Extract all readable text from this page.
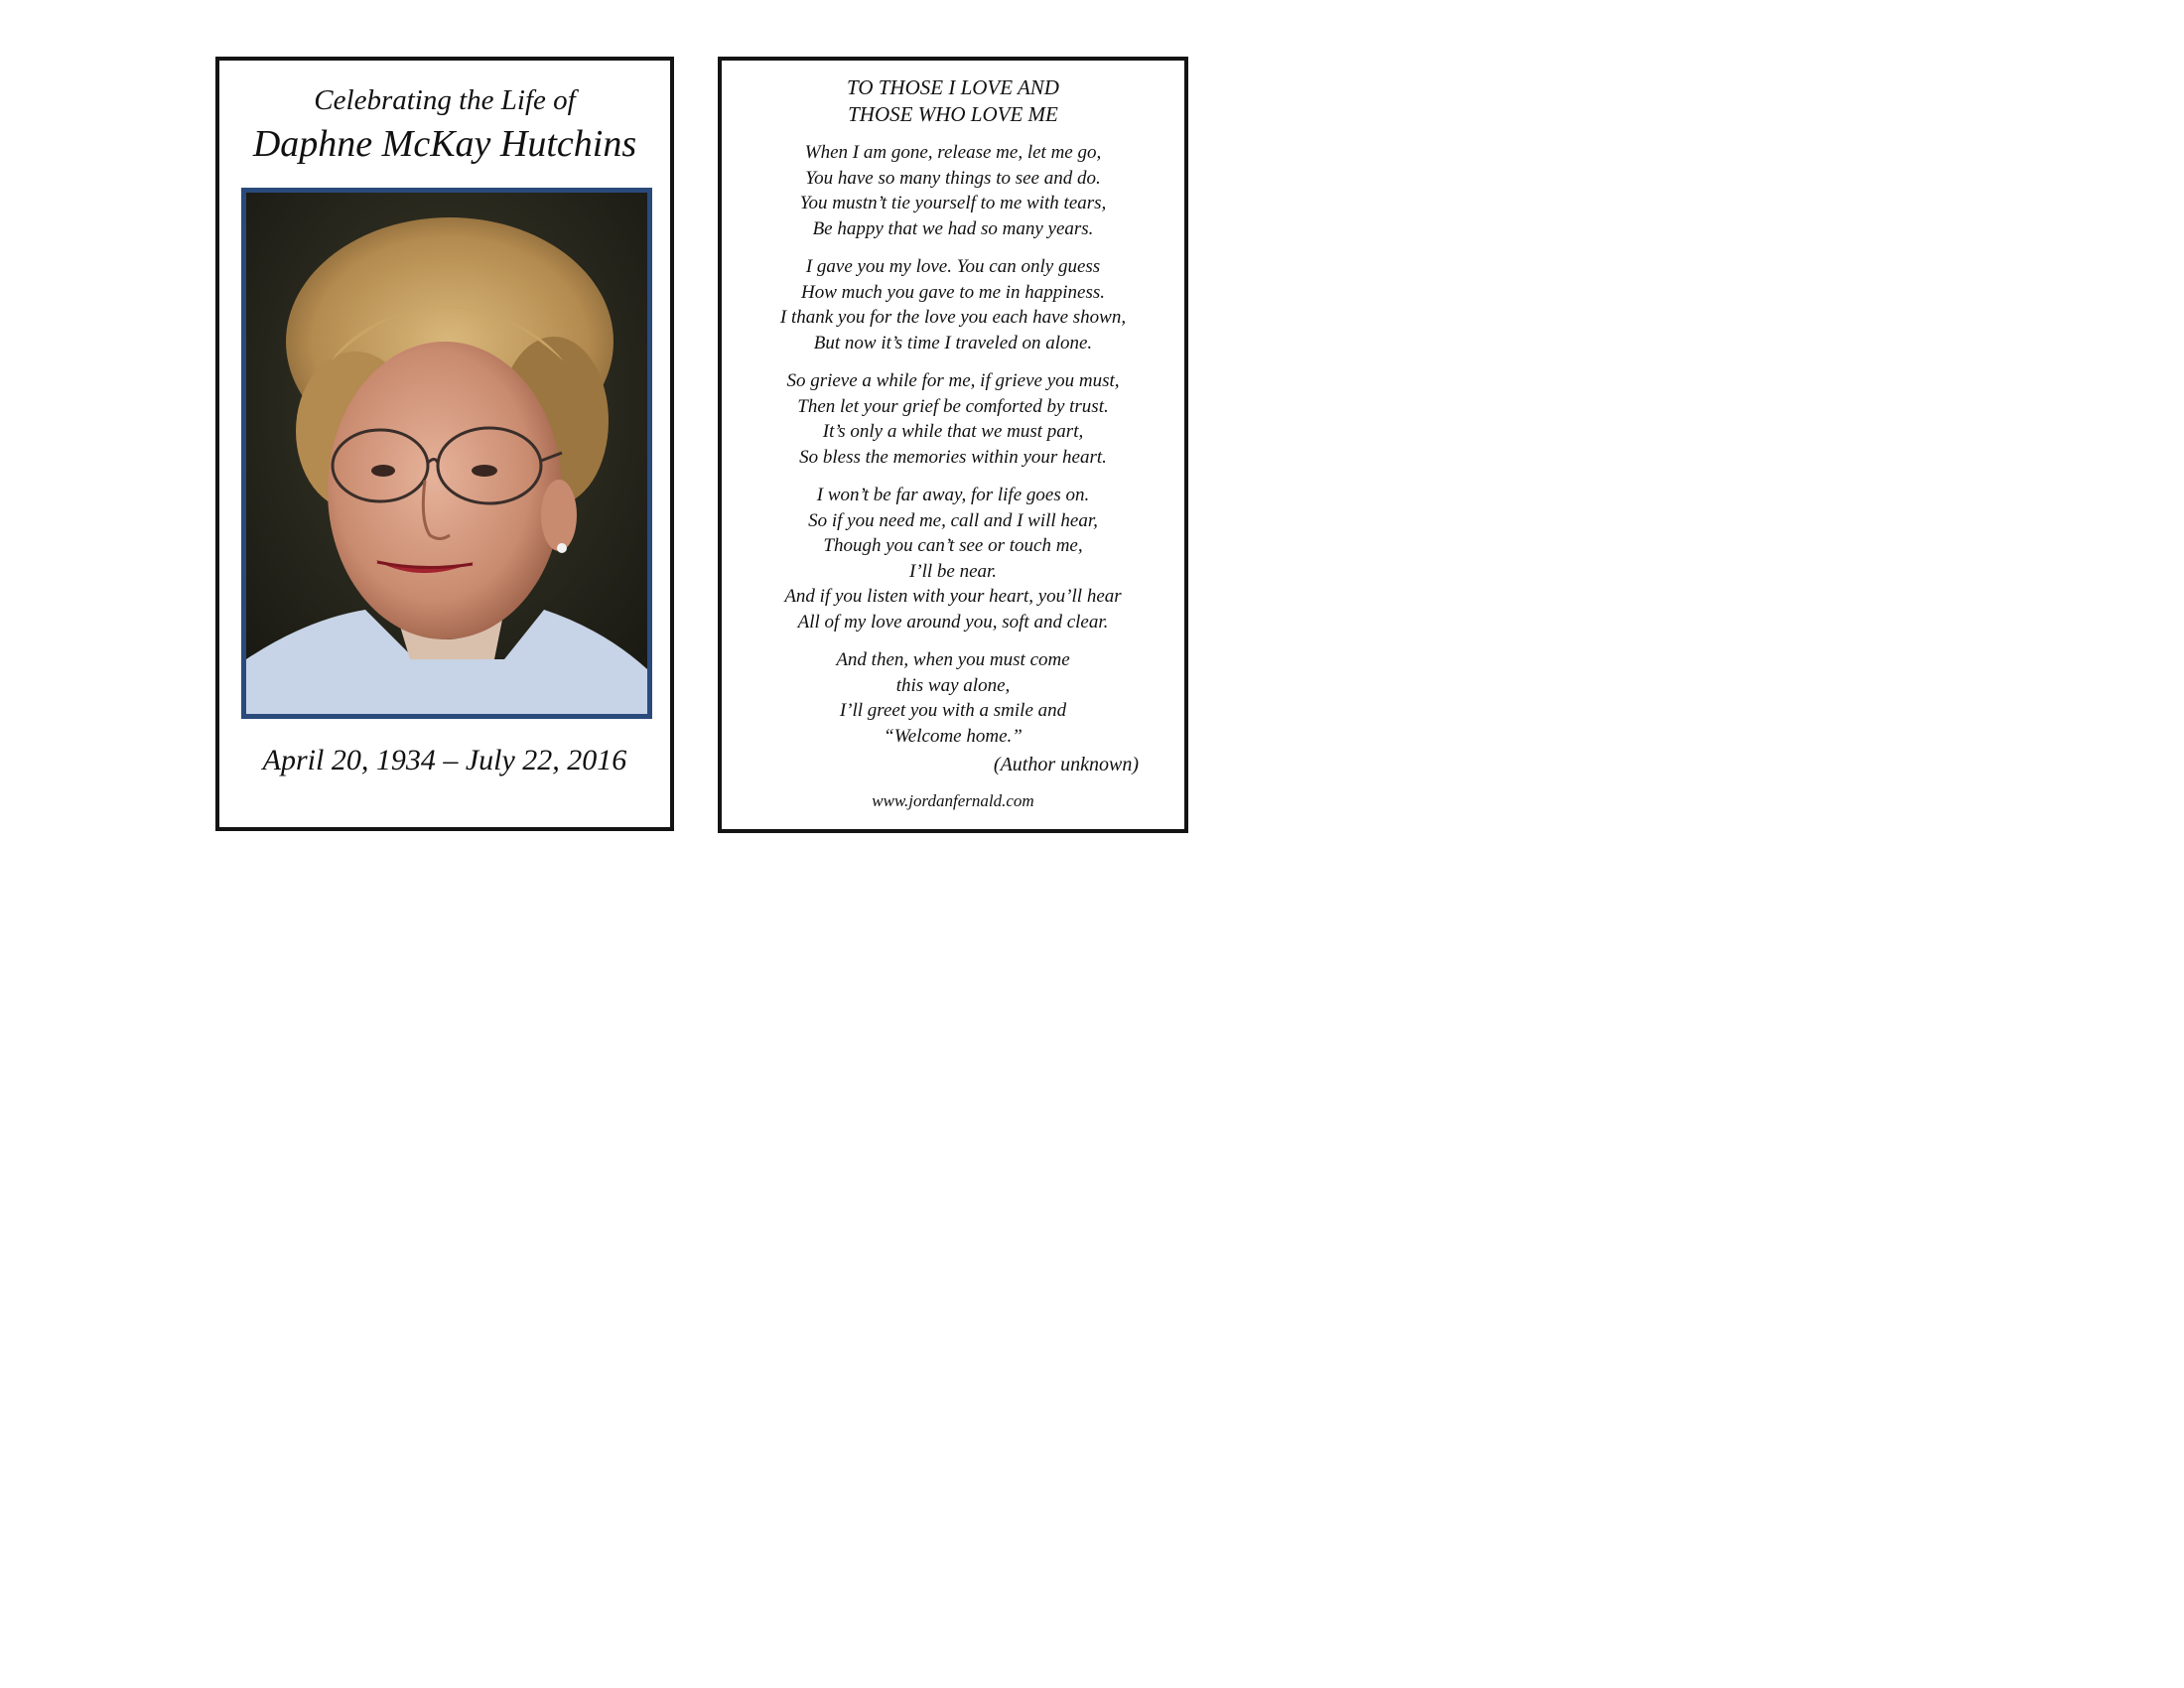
Celebrating the Life of
Daphne McKay Hutchins
April 20, 1934 – July 22, 2016
TO THOSE I LOVE AND
THOSE WHO LOVE ME
When I am gone, release me, let me go,
You have so many things to see and do.
You mustn’t tie yourself to me with tears,
Be happy that we had so many years.
I gave you my love. You can only guess
How much you gave to me in happiness.
I thank you for the love you each have shown,
But now it’s time I traveled on alone.
So grieve a while for me, if grieve you must,
Then let your grief be comforted by trust.
It’s only a while that we must part,
So bless the memories within your heart.
I won’t be far away, for life goes on.
So if you need me, call and I will hear,
Though you can’t see or touch me,
I’ll be near.
And if you listen with your heart, you’ll hear
All of my love around you, soft and clear.
And then, when you must come
this way alone,
I’ll greet you with a smile and
“Welcome home.”
(Author unknown)
www.jordanfernald.com
